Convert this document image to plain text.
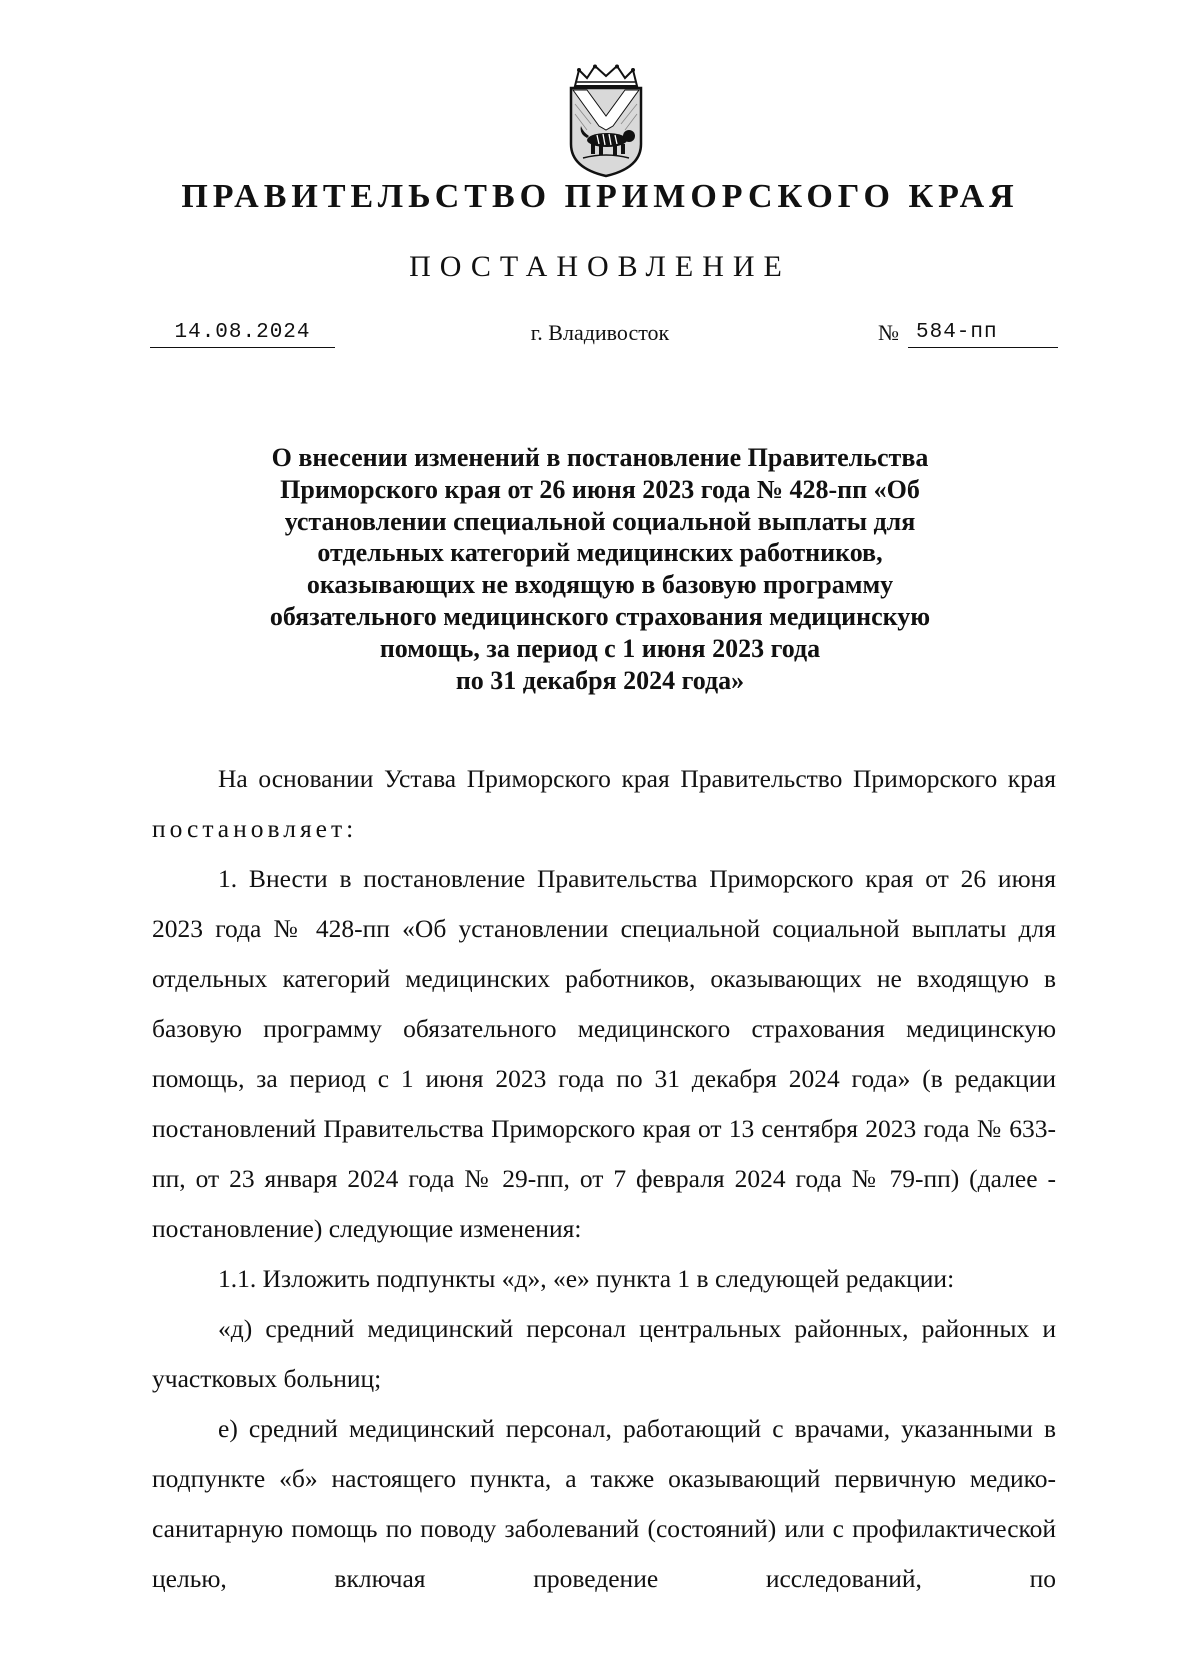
ПРАВИТЕЛЬСТВО ПРИМОРСКОГО КРАЯ
ПОСТАНОВЛЕНИЕ
14.08.2024	г. Владивосток	№ 584-пп
О внесении изменений в постановление Правительства
Приморского края от 26 июня 2023 года № 428-пп «Об
установлении специальной социальной выплаты для
отдельных категорий медицинских работников,
оказывающих не входящую в базовую программу
обязательного медицинского страхования медицинскую
помощь, за период с 1 июня 2023 года
по 31 декабря 2024 года»

На основании Устава Приморского края Правительство Приморского края постановляет:

1. Внести в постановление Правительства Приморского края от 26 июня 2023 года № 428-пп «Об установлении специальной социальной выплаты для отдельных категорий медицинских работников, оказывающих не входящую в базовую программу обязательного медицинского страхования медицинскую помощь, за период с 1 июня 2023 года по 31 декабря 2024 года» (в редакции постановлений Правительства Приморского края от 13 сентября 2023 года № 633-пп, от 23 января 2024 года № 29-пп, от 7 февраля 2024 года № 79-пп) (далее - постановление) следующие изменения:

1.1. Изложить подпункты «д», «е» пункта 1 в следующей редакции:

«д) средний медицинский персонал центральных районных, районных и участковых больниц;

е) средний медицинский персонал, работающий с врачами, указанными в подпункте «б» настоящего пункта, а также оказывающий первичную медико-санитарную помощь по поводу заболеваний (состояний) или с профилактической целью, включая проведение исследований, по
